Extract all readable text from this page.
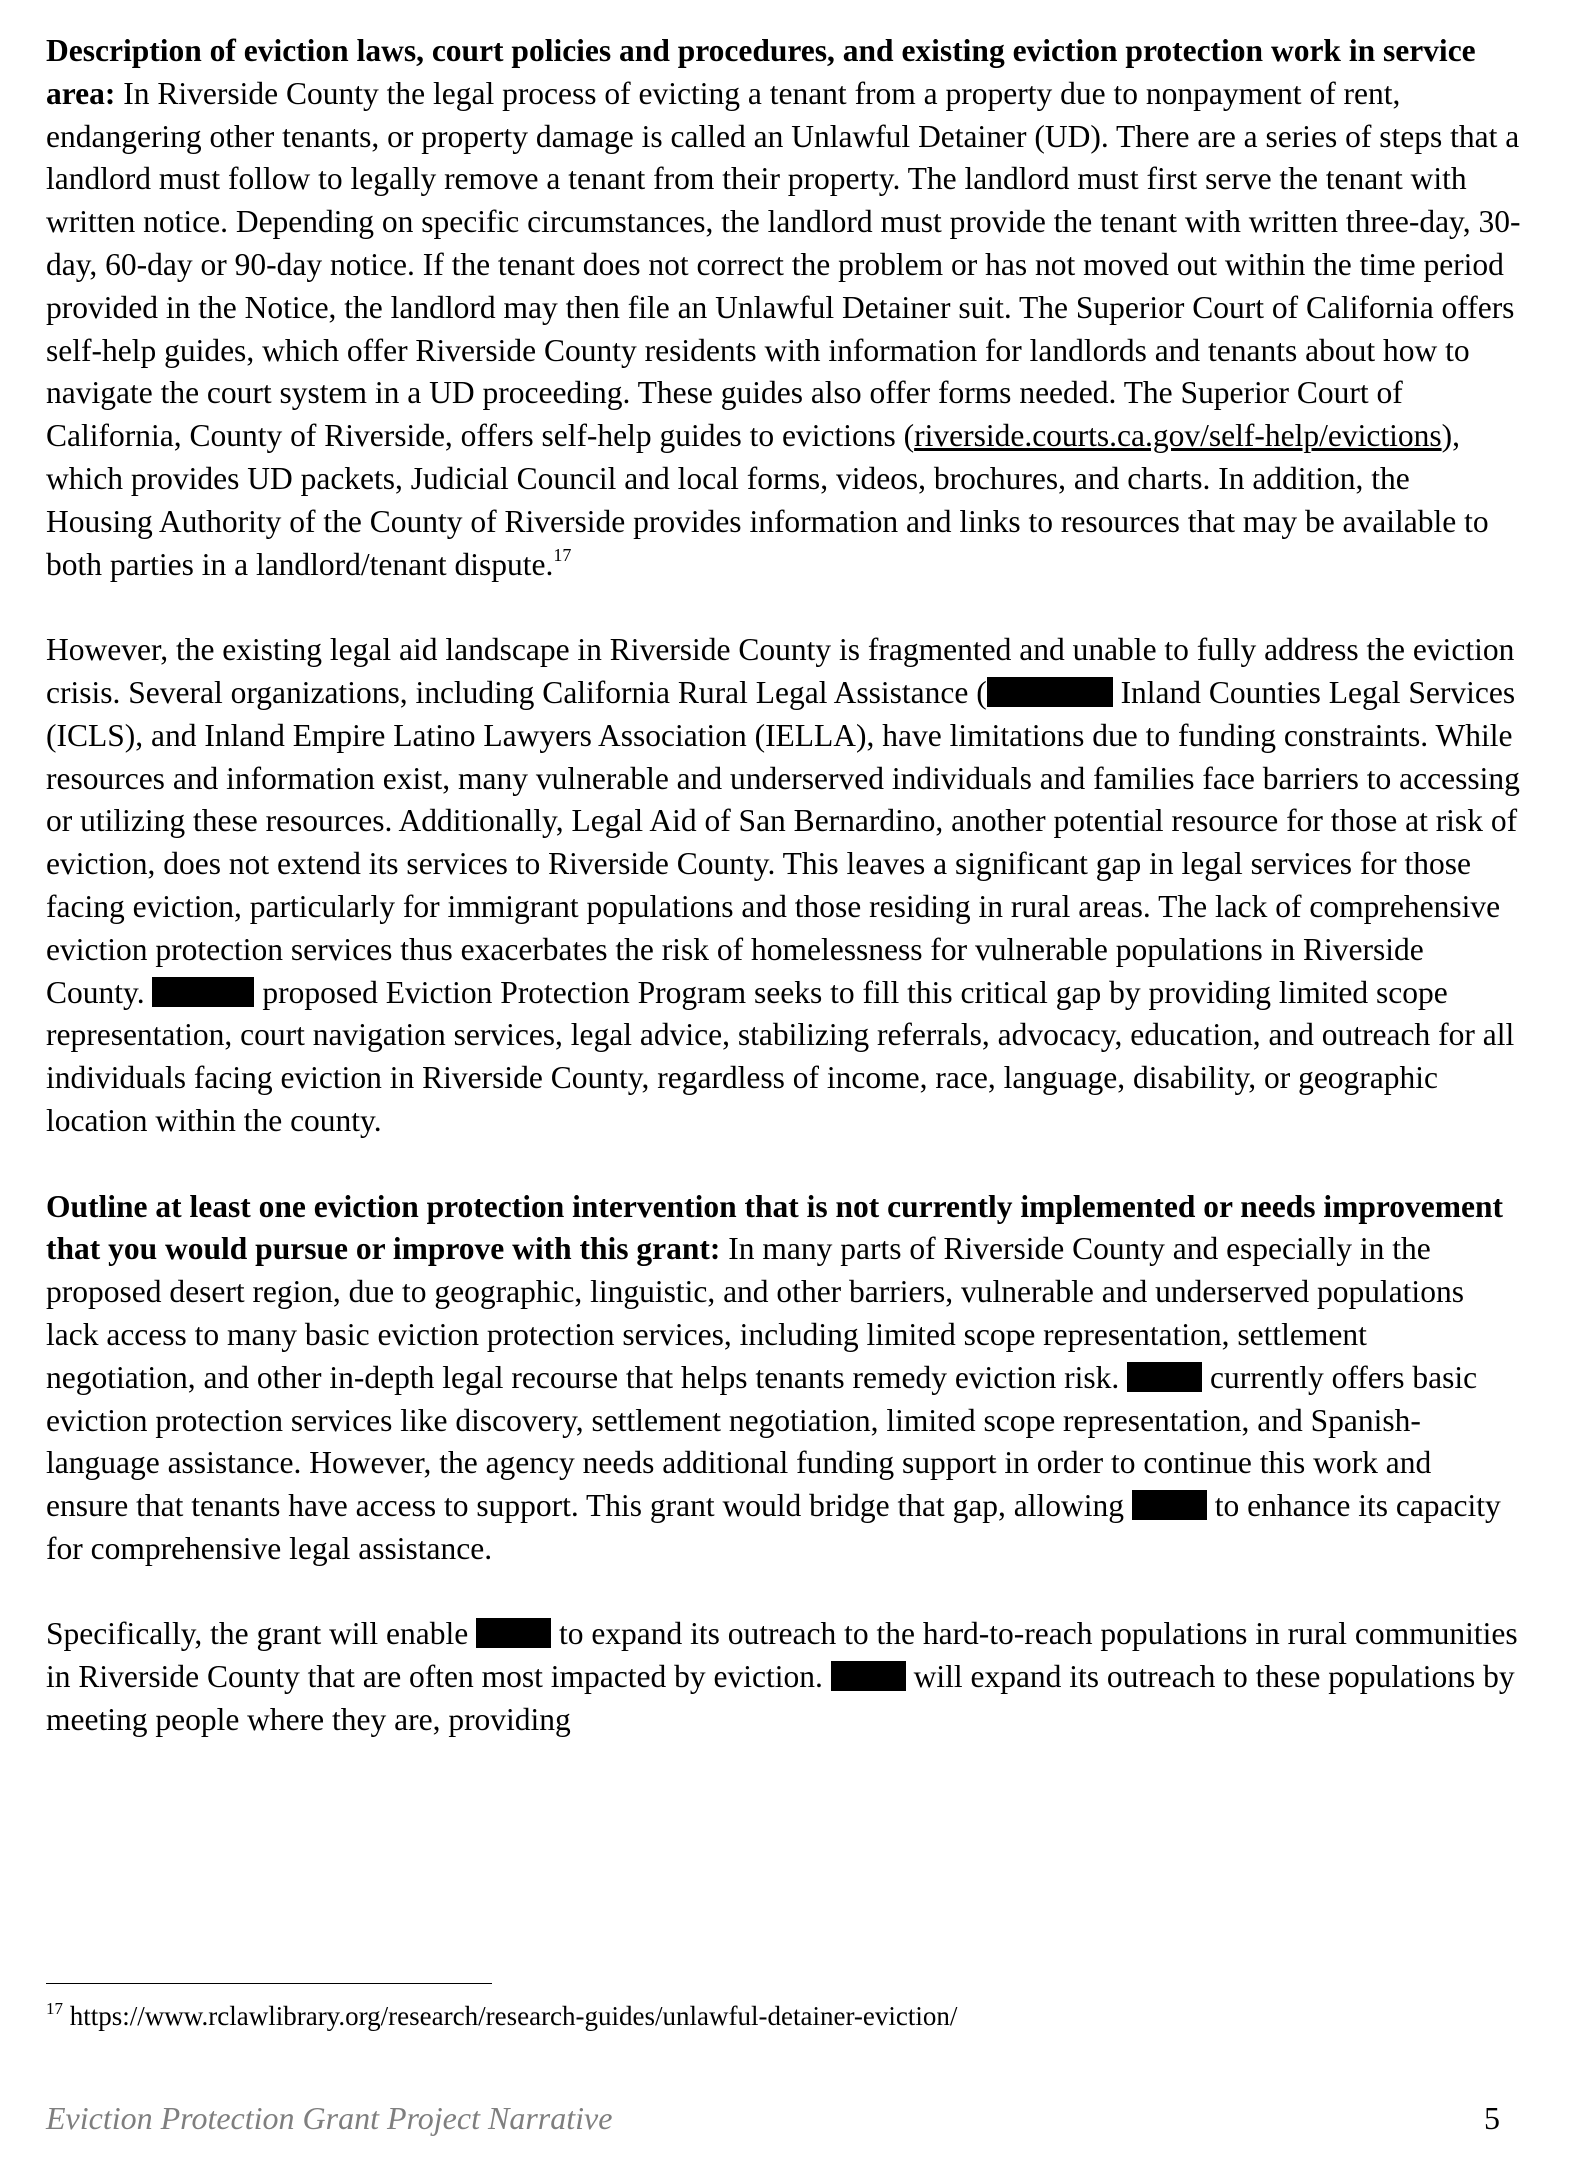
Description of eviction laws, court policies and procedures, and existing eviction protection work in service area: In Riverside County the legal process of evicting a tenant from a property due to nonpayment of rent, endangering other tenants, or property damage is called an Unlawful Detainer (UD). There are a series of steps that a landlord must follow to legally remove a tenant from their property. The landlord must first serve the tenant with written notice. Depending on specific circumstances, the landlord must provide the tenant with written three-day, 30-day, 60-day or 90-day notice. If the tenant does not correct the problem or has not moved out within the time period provided in the Notice, the landlord may then file an Unlawful Detainer suit. The Superior Court of California offers self-help guides, which offer Riverside County residents with information for landlords and tenants about how to navigate the court system in a UD proceeding. These guides also offer forms needed. The Superior Court of California, County of Riverside, offers self-help guides to evictions (riverside.courts.ca.gov/self-help/evictions), which provides UD packets, Judicial Council and local forms, videos, brochures, and charts. In addition, the Housing Authority of the County of Riverside provides information and links to resources that may be available to both parties in a landlord/tenant dispute.$^{17}$

However, the existing legal aid landscape in Riverside County is fragmented and unable to fully address the eviction crisis. Several organizations, including California Rural Legal Assistance (	Inland Counties Legal Services (ICLS), and Inland Empire Latino Lawyers Association (IELLA), have limitations due to funding constraints. While resources and information exist, many vulnerable and underserved individuals and families face barriers to accessing or utilizing these resources. Additionally, Legal Aid of San Bernardino, another potential resource for those at risk of eviction, does not extend its services to Riverside County. This leaves a significant gap in legal services for those facing eviction, particularly for immigrant populations and those residing in rural areas. The lack of comprehensive eviction protection services thus exacerbates the risk of homelessness for vulnerable populations in Riverside County.	proposed Eviction Protection Program seeks to fill this critical gap by providing limited scope representation, court navigation services, legal advice, stabilizing referrals, advocacy, education, and outreach for all individuals facing eviction in Riverside County, regardless of income, race, language, disability, or geographic location within the county.

Outline at least one eviction protection intervention that is not currently implemented or needs improvement that you would pursue or improve with this grant: In many parts of Riverside County and especially in the proposed desert region, due to geographic, linguistic, and other barriers, vulnerable and underserved populations lack access to many basic eviction protection services, including limited scope representation, settlement negotiation, and other in-depth legal recourse that helps tenants remedy eviction risk.  currently offers basic eviction protection services like discovery, settlement negotiation, limited scope representation, and Spanish-language assistance. However, the agency needs additional funding support in order to continue this work and ensure that tenants have access to support. This grant would bridge that gap, allowing  to enhance its capacity for comprehensive legal assistance.

Specifically, the grant will enable  to expand its outreach to the hard-to-reach populations in rural communities in Riverside County that are often most impacted by eviction.  will expand its outreach to these populations by meeting people where they are, providing

$^{17}$ https://www.rclawlibrary.org/research/research-guides/unlawful-detainer-eviction/
Eviction Protection Grant Project Narrative	5
